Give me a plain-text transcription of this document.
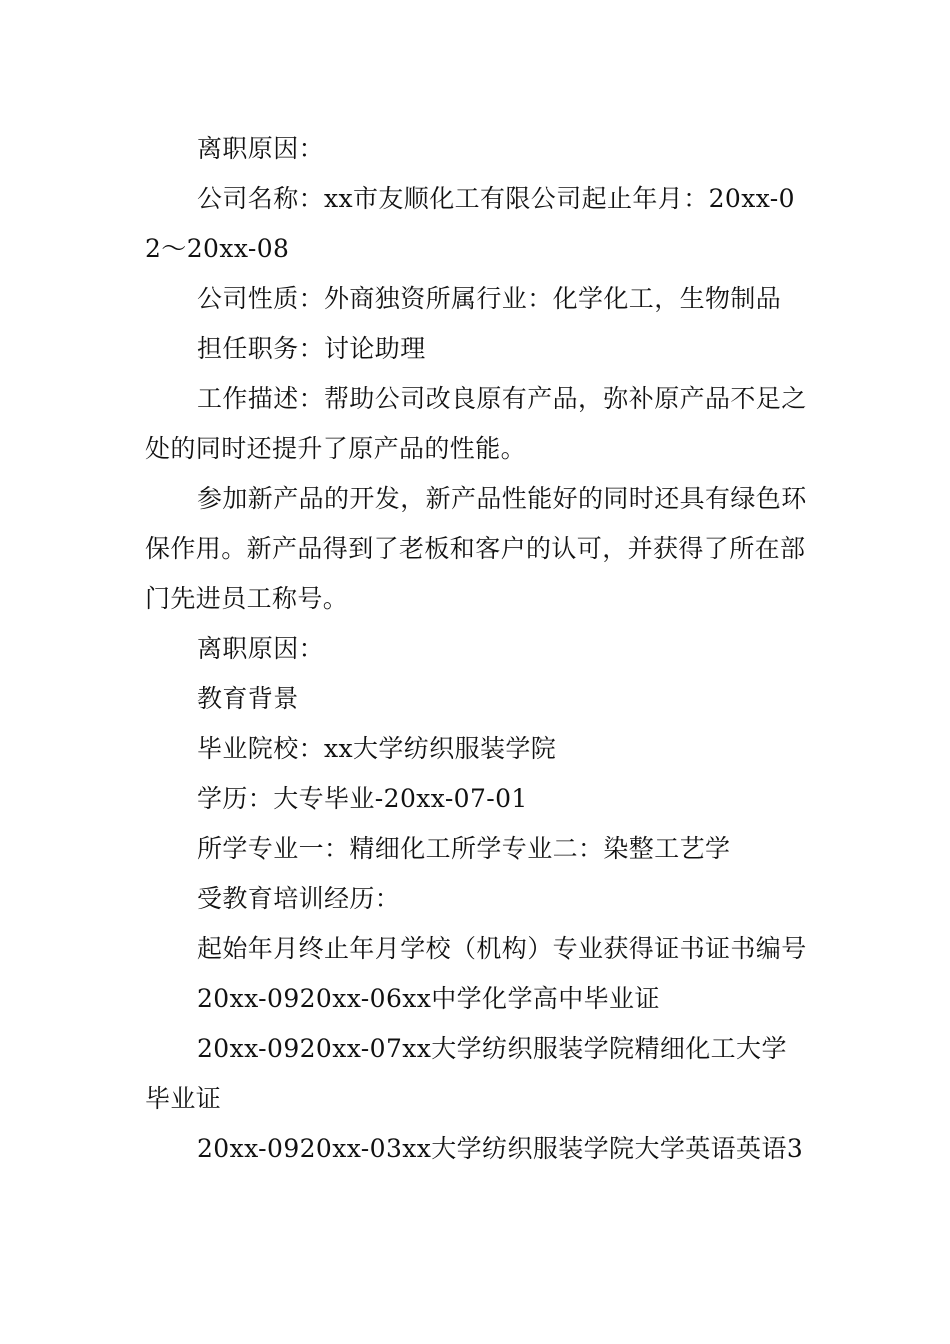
离职原因：

公司名称：xx市友顺化工有限公司起止年月：20xx-02～20xx-08

公司性质：外商独资所属行业：化学化工，生物制品

担任职务：讨论助理

工作描述：帮助公司改良原有产品，弥补原产品不足之处的同时还提升了原产品的性能。

参加新产品的开发，新产品性能好的同时还具有绿色环保作用。新产品得到了老板和客户的认可，并获得了所在部门先进员工称号。

离职原因：

教育背景

毕业院校：xx大学纺织服装学院

学历：大专毕业-20xx-07-01

所学专业一：精细化工所学专业二：染整工艺学

受教育培训经历：

起始年月终止年月学校（机构）专业获得证书证书编号

20xx-0920xx-06xx中学化学高中毕业证

20xx-0920xx-07xx大学纺织服装学院精细化工大学毕业证

20xx-0920xx-03xx大学纺织服装学院大学英语英语3
